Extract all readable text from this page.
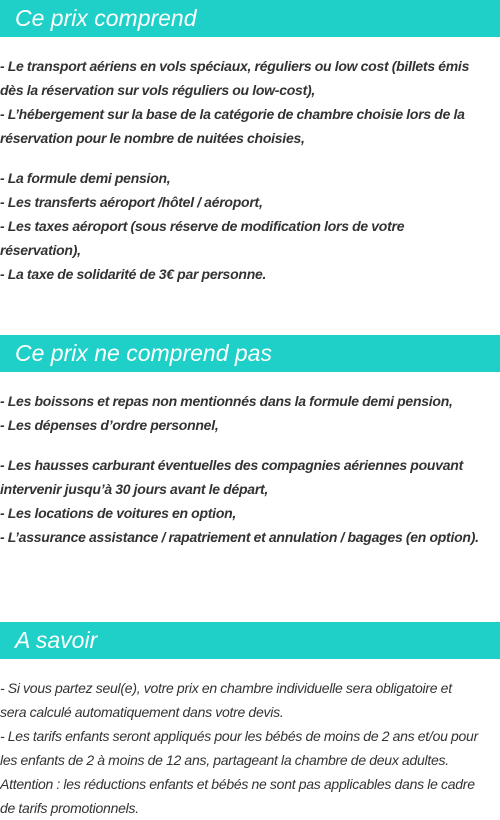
Ce prix comprend
- Le transport aériens en vols spéciaux, réguliers ou low cost (billets émis
dès la réservation sur vols réguliers ou low-cost),
- L’hébergement sur la base de la catégorie de chambre choisie lors de la
réservation pour le nombre de nuitées choisies,
- La formule demi pension,
- Les transferts aéroport /hôtel / aéroport,
- Les taxes aéroport (sous réserve de modification lors de votre
réservation),
- La taxe de solidarité de 3€ par personne.
Ce prix ne comprend pas
- Les boissons et repas non mentionnés dans la formule demi pension,
- Les dépenses d’ordre personnel,
- Les hausses carburant éventuelles des compagnies aériennes pouvant
intervenir jusqu’à 30 jours avant le départ,
- Les locations de voitures en option,
- L’assurance assistance / rapatriement et annulation / bagages (en option).
A savoir
- Si vous partez seul(e), votre prix en chambre individuelle sera obligatoire et
sera calculé automatiquement dans votre devis.
- Les tarifs enfants seront appliqués pour les bébés de moins de 2 ans et/ou pour
les enfants de 2 à moins de 12 ans, partageant la chambre de deux adultes.
Attention : les réductions enfants et bébés ne sont pas applicables dans le cadre
de tarifs promotionnels.
